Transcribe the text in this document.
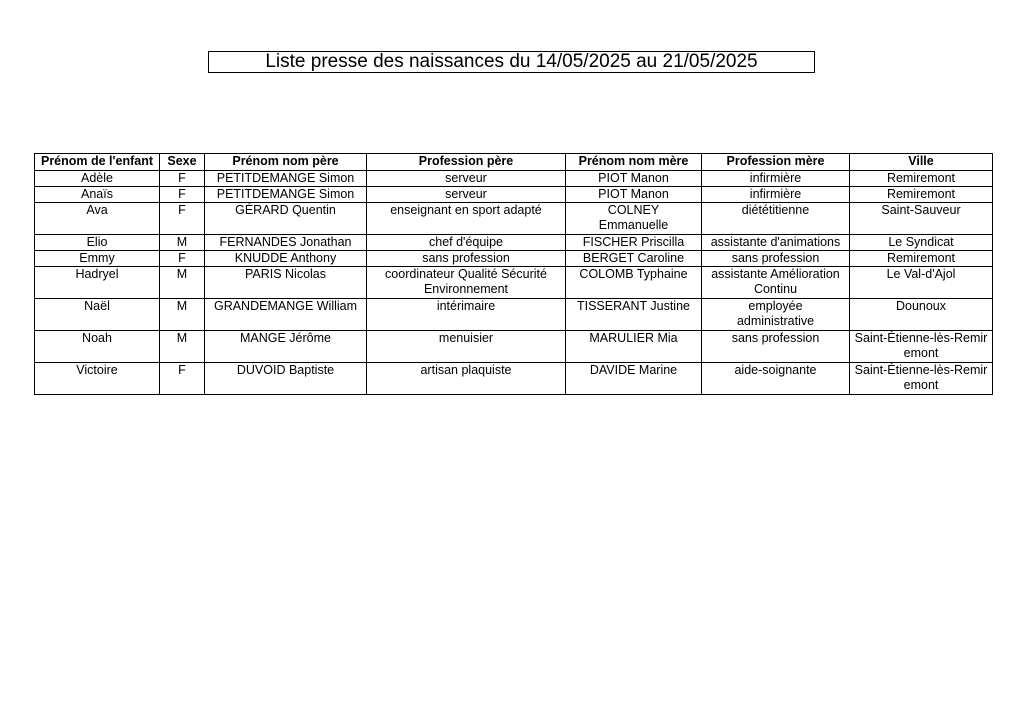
Liste presse des naissances du 14/05/2025 au 21/05/2025
Prénom de l'enfant	Sexe	Prénom nom père	Profession père	Prénom nom mère	Profession mère	Ville
Adèle	F	PETITDEMANGE Simon	serveur	PIOT Manon	infirmière	Remiremont
Anaïs	F	PETITDEMANGE Simon	serveur	PIOT Manon	infirmière	Remiremont
Ava	F	GÉRARD Quentin	enseignant en sport adapté	COLNEY Emmanuelle	diététitienne	Saint-Sauveur
Elio	M	FERNANDES Jonathan	chef d'équipe	FISCHER Priscilla	assistante d'animations	Le Syndicat
Emmy	F	KNUDDE Anthony	sans profession	BERGET Caroline	sans profession	Remiremont
Hadryel	M	PARIS Nicolas	coordinateur Qualité Sécurité Environnement	COLOMB Typhaine	assistante Amélioration Continu	Le Val-d'Ajol
Naël	M	GRANDEMANGE William	intérimaire	TISSERANT Justine	employée administrative	Dounoux
Noah	M	MANGE Jérôme	menuisier	MARULIER Mia	sans profession	Saint-Étienne-lès-Remiremont
Victoire	F	DUVOID Baptiste	artisan plaquiste	DAVIDE Marine	aide-soignante	Saint-Étienne-lès-Remiremont
